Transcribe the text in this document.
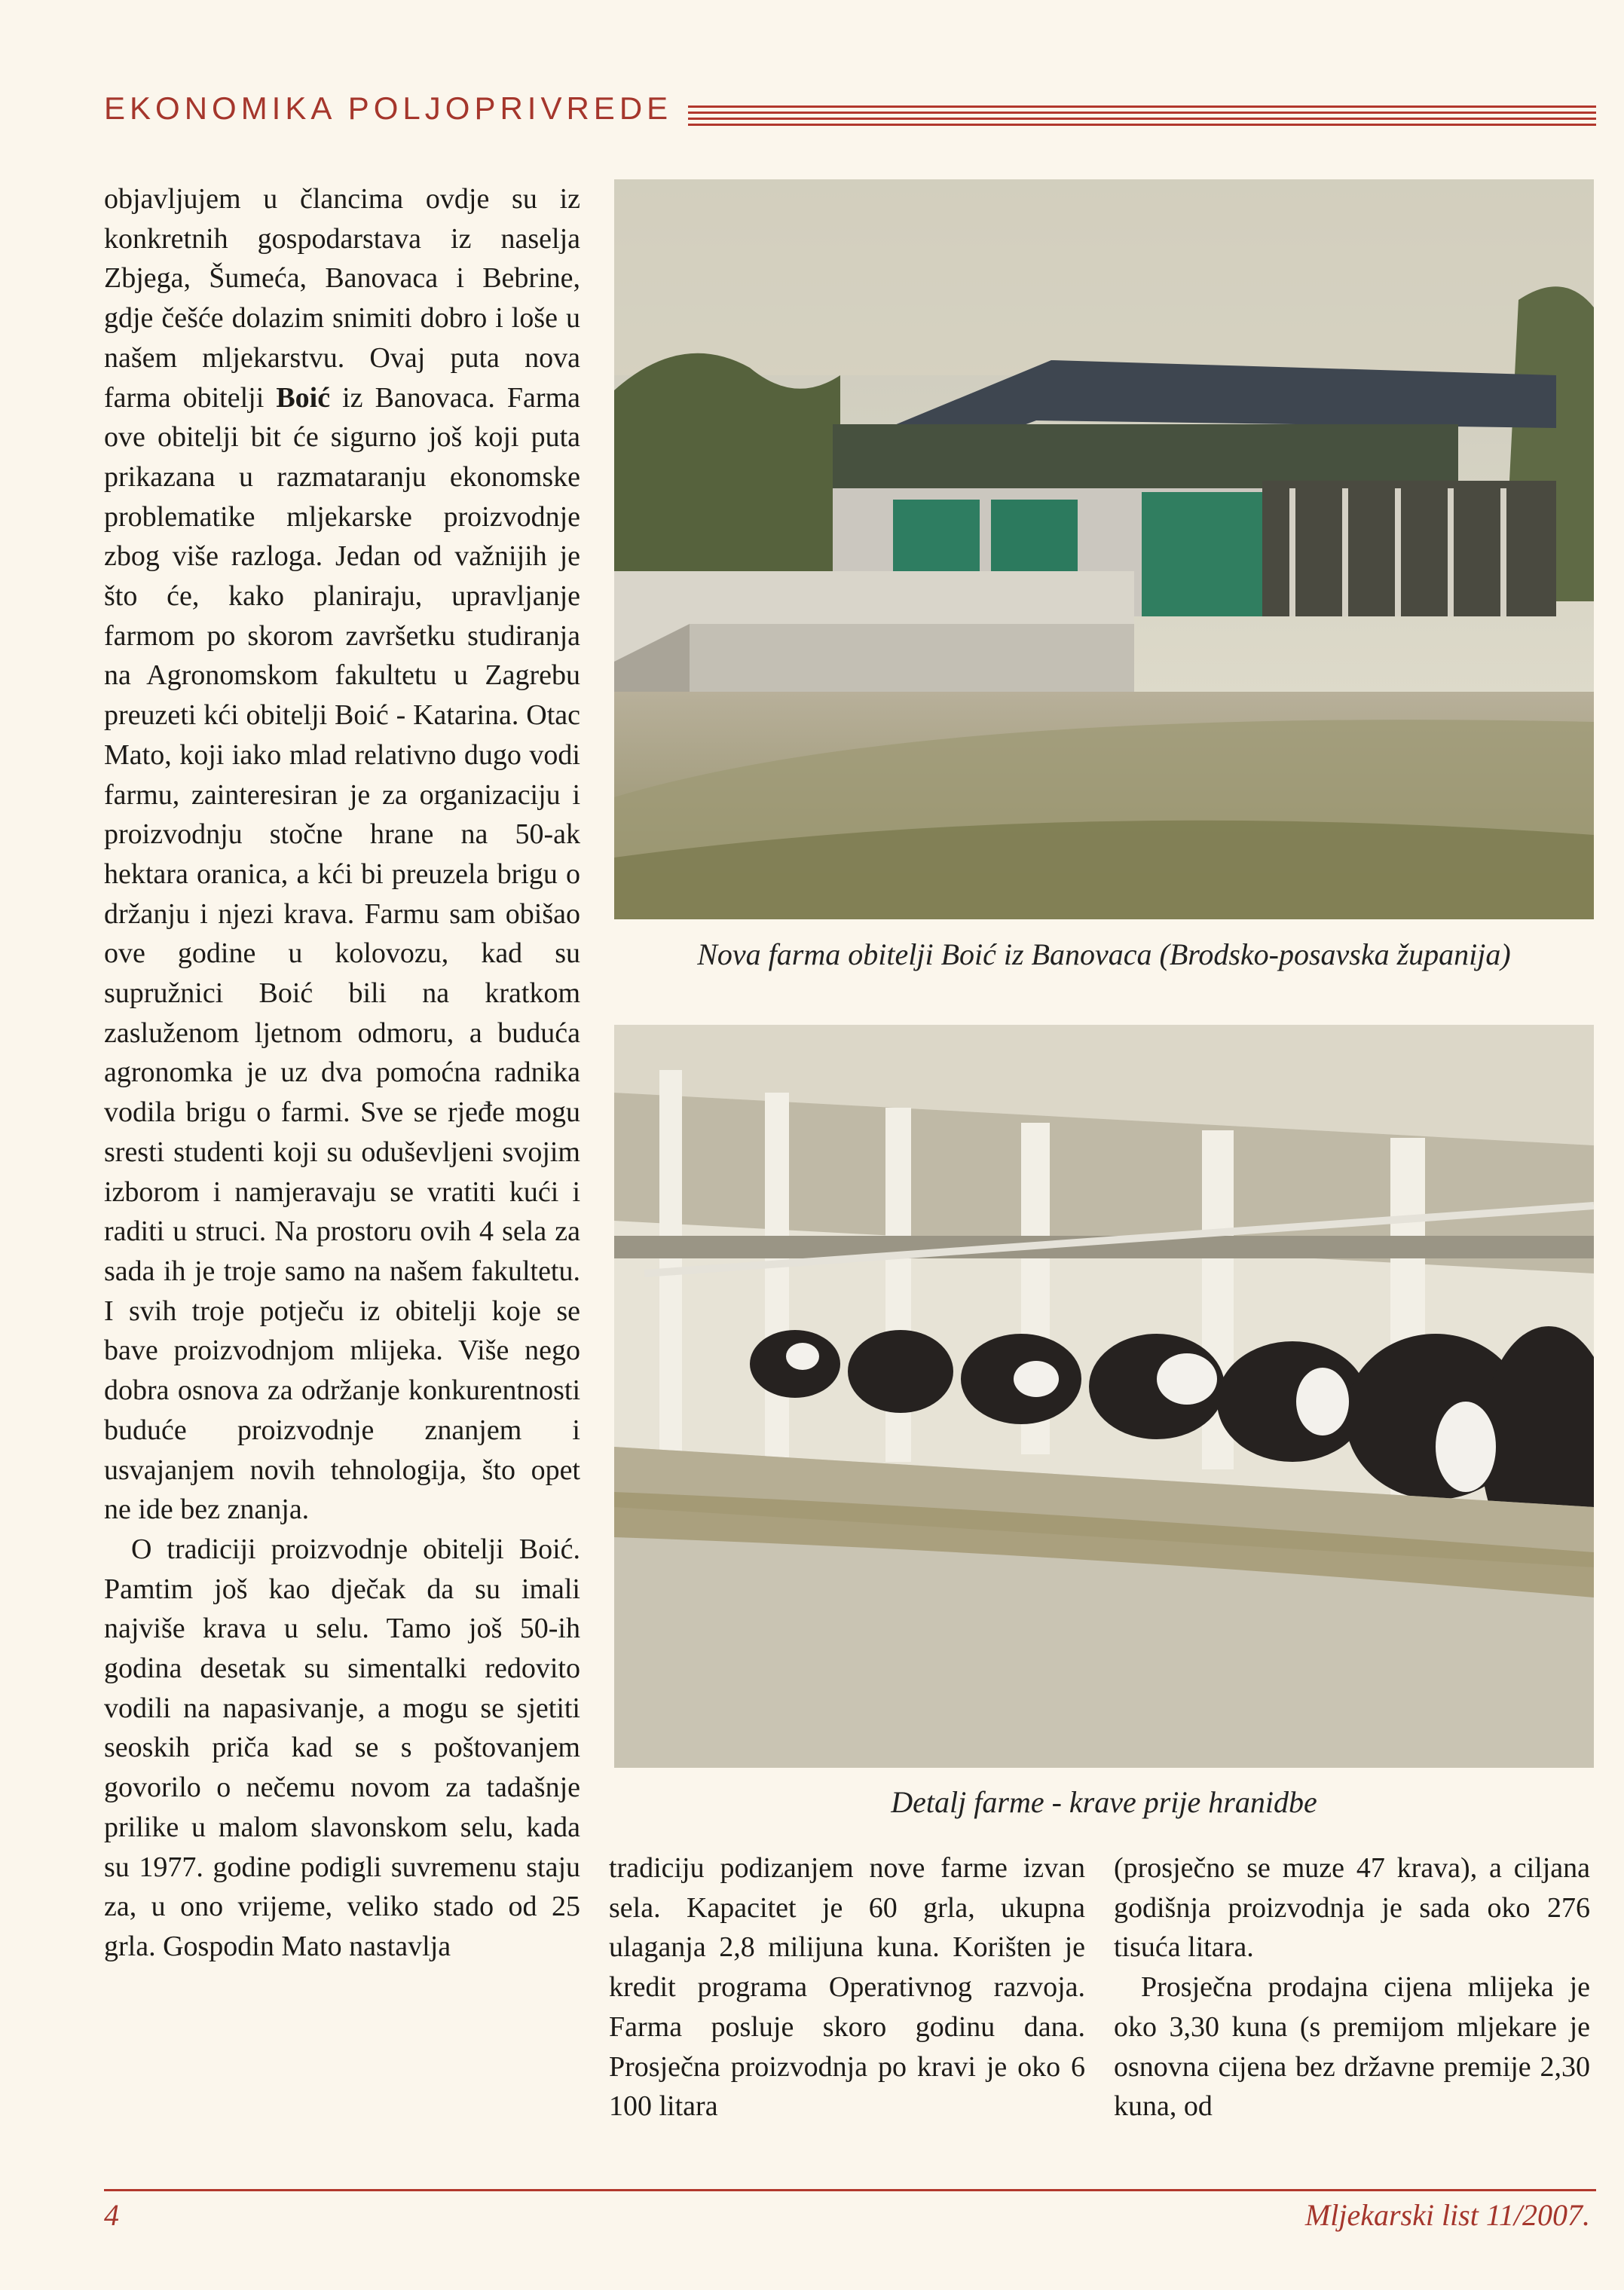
EKONOMIKA POLJOPRIVREDE

objavljujem u člancima ovdje su iz konkretnih gospodarstava iz naselja Zbjega, Šumeća, Banovaca i Bebrine, gdje češće dolazim snimiti dobro i loše u našem mljekarstvu. Ovaj puta nova farma obitelji Boić iz Banovaca. Farma ove obitelji bit će sigurno još koji puta prikazana u razmataranju ekonomske problematike mljekarske proizvodnje zbog više razloga. Jedan od važnijih je što će, kako planiraju, upravljanje farmom po skorom završetku studiranja na Agronomskom fakultetu u Zagrebu preuzeti kći obitelji Boić - Katarina. Otac Mato, koji iako mlad relativno dugo vodi farmu, zainteresiran je za organizaciju i proizvodnju stočne hrane na 50-ak hektara oranica, a kći bi preuzela brigu o držanju i njezi krava. Farmu sam obišao ove godine u kolovozu, kad su supružnici Boić bili na kratkom zasluženom ljetnom odmoru, a buduća agronomka je uz dva pomoćna radnika vodila brigu o farmi. Sve se rjeđe mogu sresti studenti koji su oduševljeni svojim izborom i namjeravaju se vratiti kući i raditi u struci. Na prostoru ovih 4 sela za sada ih je troje samo na našem fakultetu. I svih troje potječu iz obitelji koje se bave proizvodnjom mlijeka. Više nego dobra osnova za održanje konkurentnosti buduće proizvodnje znanjem i usvajanjem novih tehnologija, što opet ne ide bez znanja.

O tradiciji proizvodnje obitelji Boić. Pamtim još kao dječak da su imali najviše krava u selu. Tamo još 50-ih godina desetak su simentalki redovito vodili na napasivanje, a mogu se sjetiti seoskih priča kad se s poštovanjem govorilo o nečemu novom za tadašnje prilike u malom slavonskom selu, kada su 1977. godine podigli suvremenu staju za, u ono vrijeme, veliko stado od 25 grla. Gospodin Mato nastavlja

Nova farma obitelji Boić iz Banovaca (Brodsko-posavska županija)
Detalj farme - krave prije hranidbe

tradiciju podizanjem nove farme izvan sela. Kapacitet je 60 grla, ukupna ulaganja 2,8 milijuna kuna. Korišten je kredit programa Operativnog razvoja. Farma posluje skoro godinu dana. Prosječna proizvodnja po kravi je oko 6 100 litara

(prosječno se muze 47 krava), a ciljana godišnja proizvodnja je sada oko 276 tisuća litara.

Prosječna prodajna cijena mlijeka je oko 3,30 kuna (s premijom mljekare je osnovna cijena bez državne premije 2,30 kuna, od

4	Mljekarski list 11/2007.
